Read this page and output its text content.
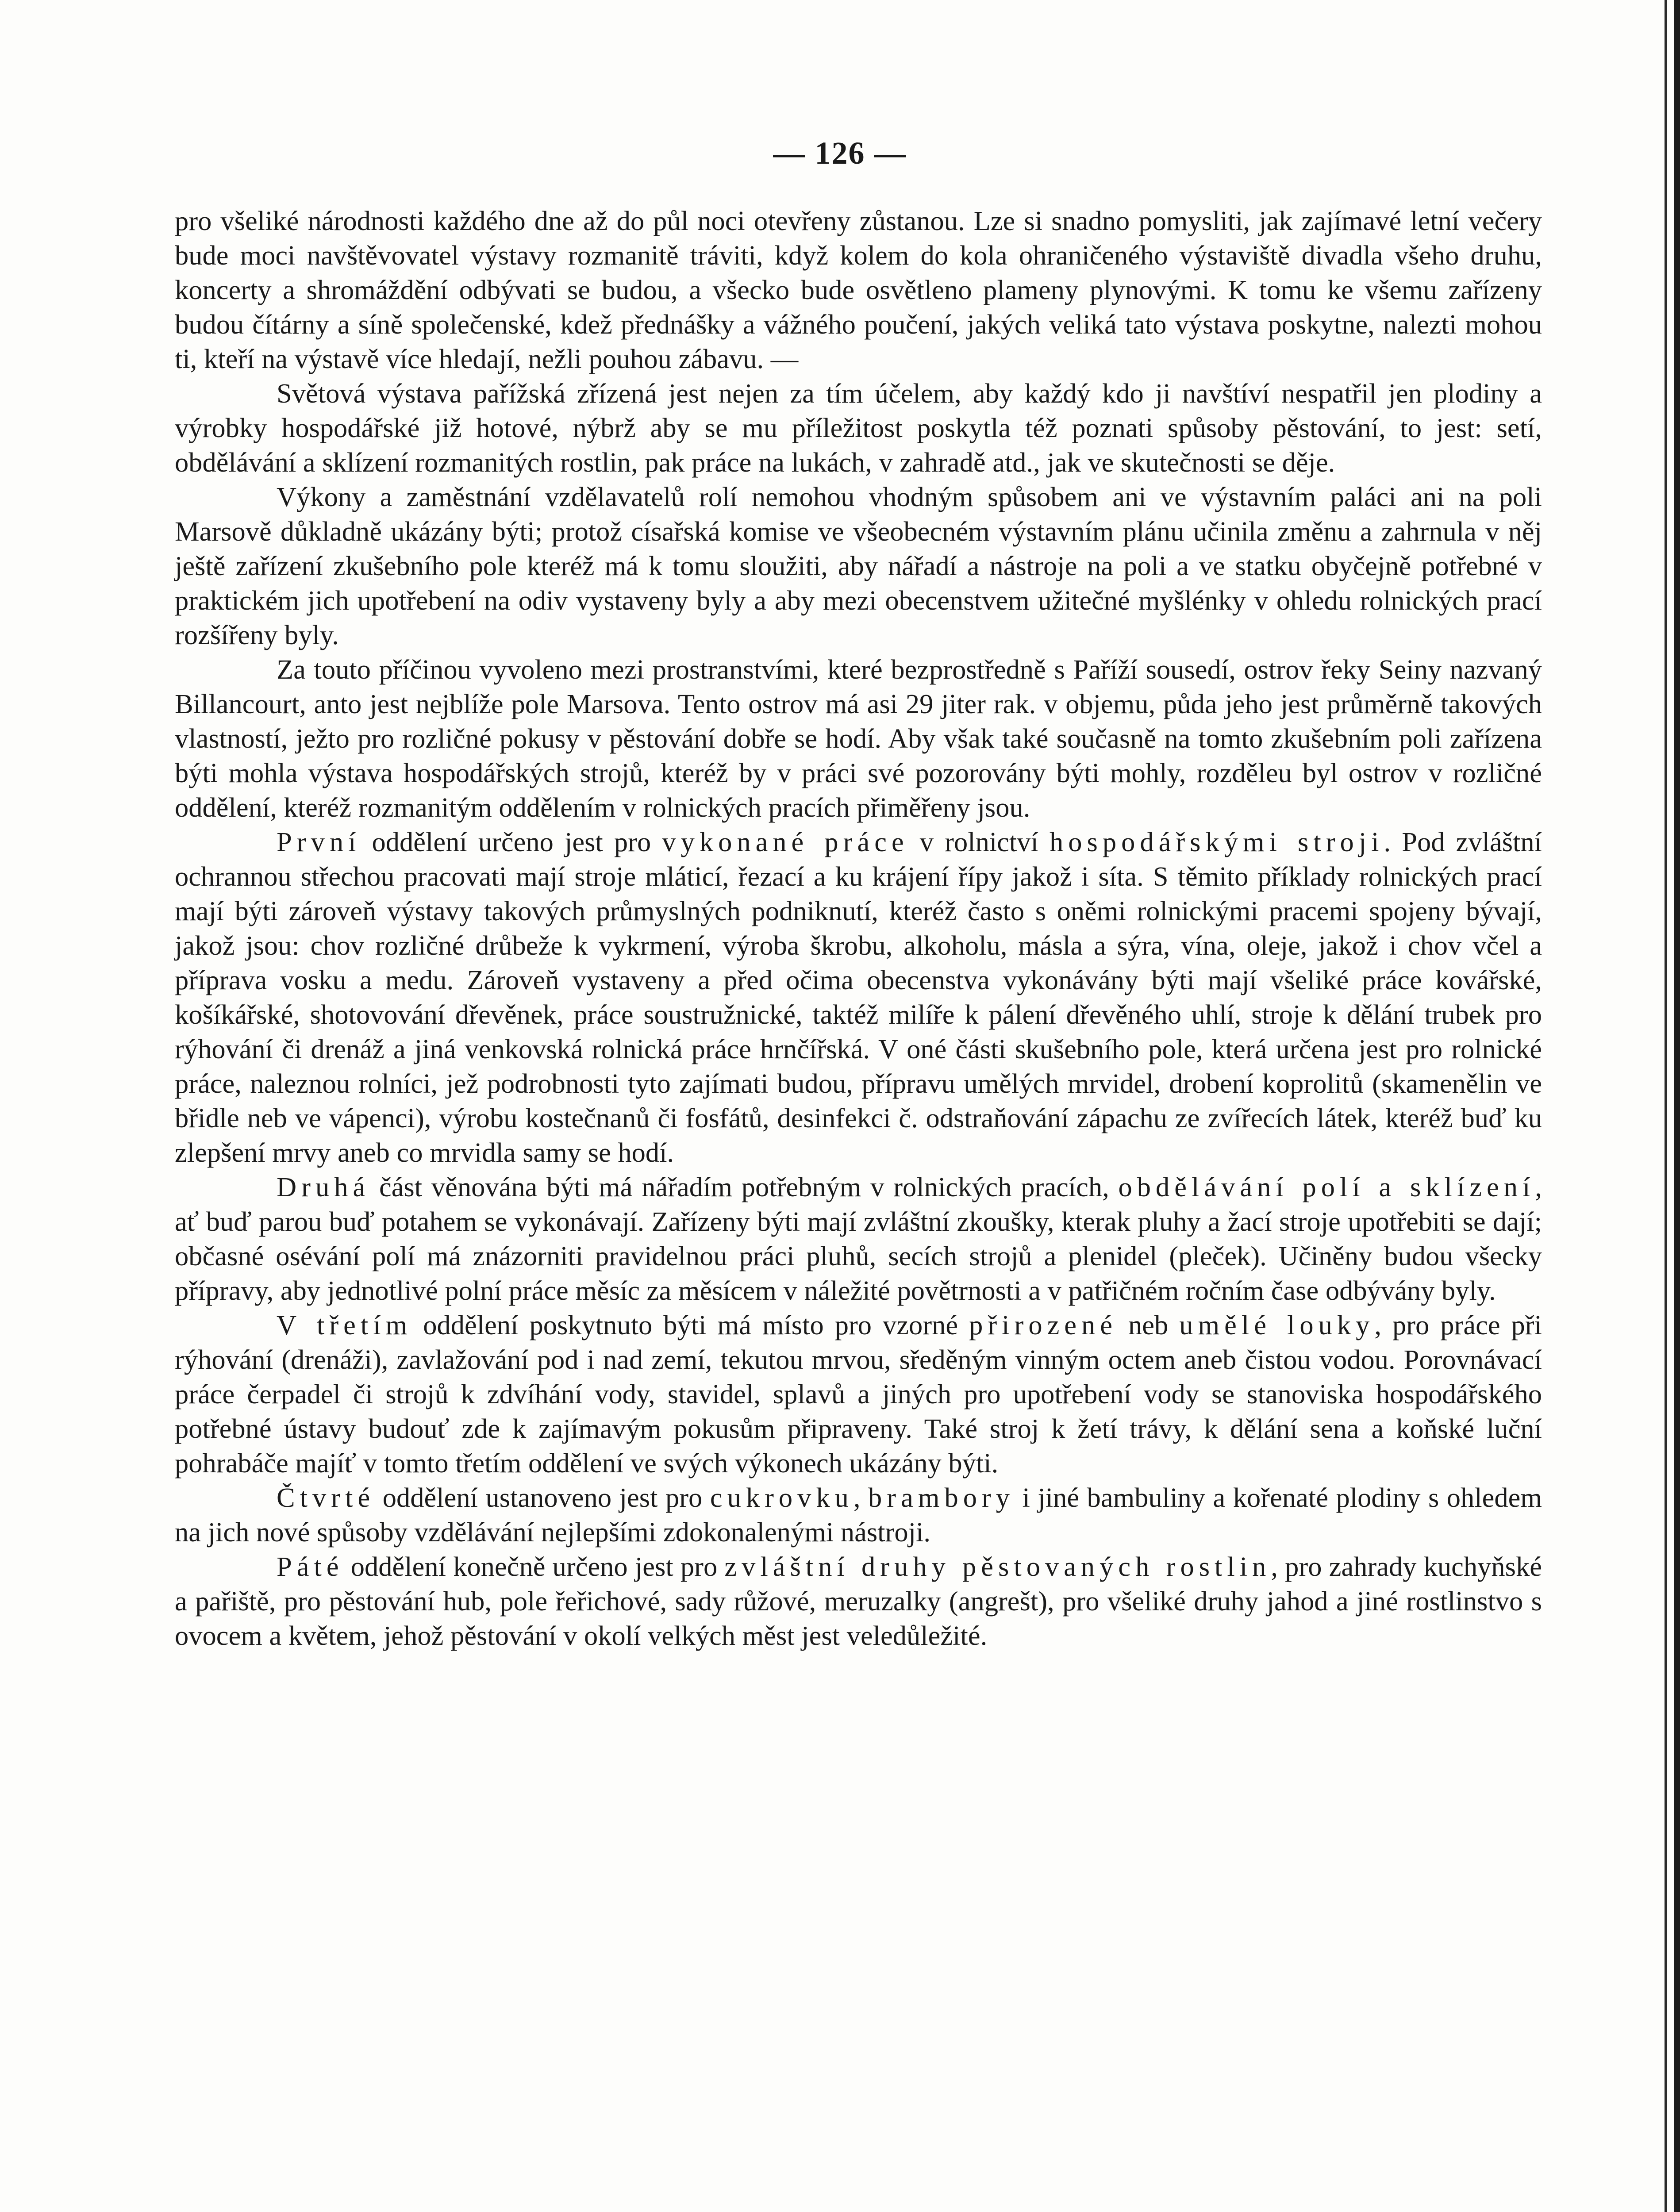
— 126 —

pro všeliké národnosti každého dne až do půl noci otevřeny zůstanou. Lze si snadno pomysliti, jak zajímavé letní večery bude moci navštěvovatel výstavy rozmanitě tráviti, když kolem do kola ohraničeného výstaviště divadla všeho druhu, koncerty a shromáždění odbývati se budou, a všecko bude osvětleno plameny plynovými. K tomu ke všemu zařízeny budou čítárny a síně společenské, kdež přednášky a vážného poučení, jakých veliká tato výstava poskytne, nalezti mohou ti, kteří na výstavě více hledají, nežli pouhou zábavu. —

Světová výstava pařížská zřízená jest nejen za tím účelem, aby každý kdo ji navštíví nespatřil jen plodiny a výrobky hospodářské již hotové, nýbrž aby se mu příležitost poskytla též poznati spůsoby pěstování, to jest: setí, obdělávání a sklízení rozmanitých rostlin, pak práce na lukách, v zahradě atd., jak ve skutečnosti se děje.

Výkony a zaměstnání vzdělavatelů rolí nemohou vhodným spůsobem ani ve výstavním paláci ani na poli Marsově důkladně ukázány býti; protož císařská komise ve všeobecném výstavním plánu učinila změnu a zahrnula v něj ještě zařízení zkušebního pole kteréž má k tomu sloužiti, aby nářadí a nástroje na poli a ve statku obyčejně potřebné v praktickém jich upotřebení na odiv vystaveny byly a aby mezi obecenstvem užitečné myšlénky v ohledu rolnických prací rozšířeny byly.

Za touto příčinou vyvoleno mezi prostranstvími, které bezprostředně s Paříží sousedí, ostrov řeky Seiny nazvaný Billancourt, anto jest nejblíže pole Marsova. Tento ostrov má asi 29 jiter rak. v objemu, půda jeho jest průměrně takových vlastností, ježto pro rozličné pokusy v pěstování dobře se hodí. Aby však také současně na tomto zkušebním poli zařízena býti mohla výstava hospodářských strojů, kteréž by v práci své pozorovány býti mohly, rozděleu byl ostrov v rozličné oddělení, kteréž rozmanitým oddělením v rolnických pracích přiměřeny jsou.

První oddělení určeno jest pro vykonané práce v rolnictví hospodářskými stroji. Pod zvláštní ochrannou střechou pracovati mají stroje mláticí, řezací a ku krájení řípy jakož i síta. S těmito příklady rolnických prací mají býti zároveň výstavy takových průmyslných podniknutí, kteréž často s oněmi rolnickými pracemi spojeny bývají, jakož jsou: chov rozličné drůbeže k vykrmení, výroba škrobu, alkoholu, másla a sýra, vína, oleje, jakož i chov včel a příprava vosku a medu. Zároveň vystaveny a před očima obecenstva vykonávány býti mají všeliké práce kovářské, košíkářské, shotovování dřevěnek, práce soustružnické, taktéž milíře k pálení dřevěného uhlí, stroje k dělání trubek pro rýhování či drenáž a jiná venkovská rolnická práce hrnčířská. V oné části skušebního pole, která určena jest pro rolnické práce, naleznou rolníci, jež podrobnosti tyto zajímati budou, přípravu umělých mrvidel, drobení koprolitů (skamenělin ve břidle neb ve vápenci), výrobu kostečnanů či fosfátů, desinfekci č. odstraňování zápachu ze zvířecích látek, kteréž buď ku zlepšení mrvy aneb co mrvidla samy se hodí.

Druhá část věnována býti má nářadím potřebným v rolnických pracích, obdělávání polí a sklízení, ať buď parou buď potahem se vykonávají. Zařízeny býti mají zvláštní zkoušky, kterak pluhy a žací stroje upotřebiti se dají; občasné osévání polí má znázorniti pravidelnou práci pluhů, secích strojů a plenidel (pleček). Učiněny budou všecky přípravy, aby jednotlivé polní práce měsíc za měsícem v náležité povětrnosti a v patřičném ročním čase odbývány byly.

V třetím oddělení poskytnuto býti má místo pro vzorné přirozené neb umělé louky, pro práce při rýhování (drenáži), zavlažování pod i nad zemí, tekutou mrvou, sředěným vinným octem aneb čistou vodou. Porovnávací práce čerpadel či strojů k zdvíhání vody, stavidel, splavů a jiných pro upotřebení vody se stanoviska hospodářského potřebné ústavy budouť zde k zajímavým pokusům připraveny. Také stroj k žetí trávy, k dělání sena a koňské luční pohrabáče mајíť v tomto třetím oddělení ve svých výkonech ukázány býti.

Čtvrté oddělení ustanoveno jest pro cukrovku, brambory i jiné bambuliny a kořenaté plodiny s ohledem na jich nové spůsoby vzdělávání nejlepšími zdokonalenými nástroji.

Páté oddělení konečně určeno jest pro zvláštní druhy pěstovaných rostlin, pro zahrady kuchyňské a pařiště, pro pěstování hub, pole řeřichové, sady růžové, meruzalky (angrešt), pro všeliké druhy jahod a jiné rostlinstvo s ovocem a květem, jehož pěstování v okolí velkých měst jest veledůležité.
